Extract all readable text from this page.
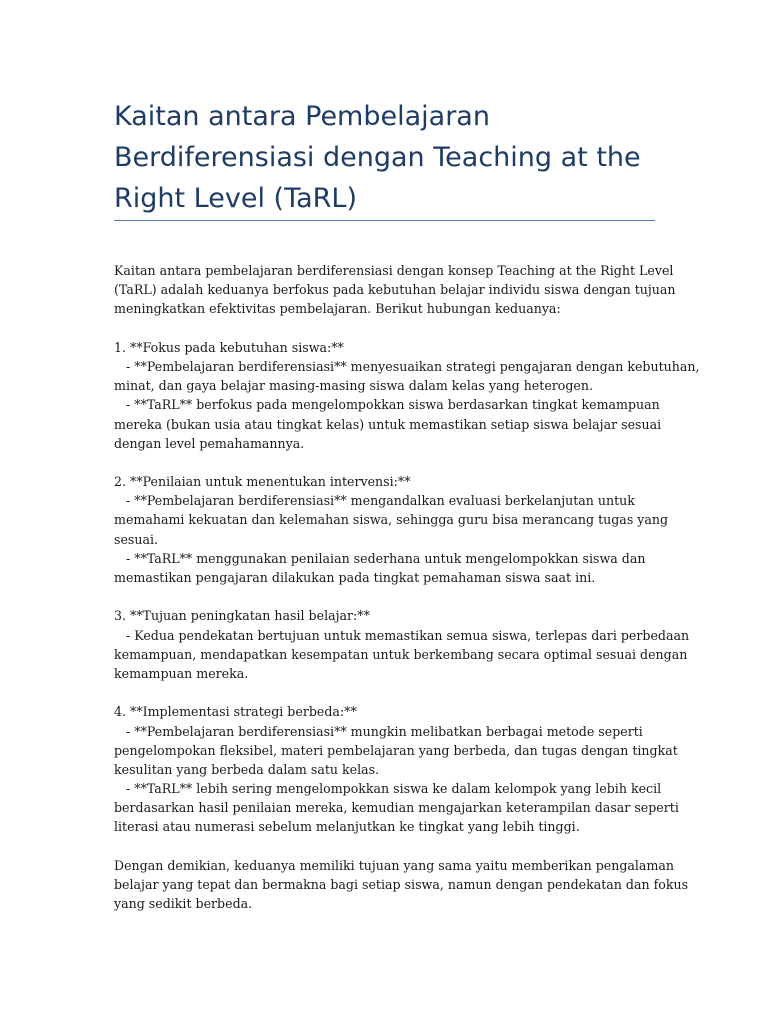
Kaitan antara Pembelajaran Berdiferensiasi dengan Teaching at the Right Level (TaRL)
Kaitan antara pembelajaran berdiferensiasi dengan konsep Teaching at the Right Level
(TaRL) adalah keduanya berfokus pada kebutuhan belajar individu siswa dengan tujuan
meningkatkan efektivitas pembelajaran. Berikut hubungan keduanya:
1. **Fokus pada kebutuhan siswa:**
- **Pembelajaran berdiferensiasi** menyesuaikan strategi pengajaran dengan kebutuhan,
minat, dan gaya belajar masing-masing siswa dalam kelas yang heterogen.
- **TaRL** berfokus pada mengelompokkan siswa berdasarkan tingkat kemampuan
mereka (bukan usia atau tingkat kelas) untuk memastikan setiap siswa belajar sesuai
dengan level pemahamannya.
2. **Penilaian untuk menentukan intervensi:**
- **Pembelajaran berdiferensiasi** mengandalkan evaluasi berkelanjutan untuk
memahami kekuatan dan kelemahan siswa, sehingga guru bisa merancang tugas yang
sesuai.
- **TaRL** menggunakan penilaian sederhana untuk mengelompokkan siswa dan
memastikan pengajaran dilakukan pada tingkat pemahaman siswa saat ini.
3. **Tujuan peningkatan hasil belajar:**
- Kedua pendekatan bertujuan untuk memastikan semua siswa, terlepas dari perbedaan
kemampuan, mendapatkan kesempatan untuk berkembang secara optimal sesuai dengan
kemampuan mereka.
4. **Implementasi strategi berbeda:**
- **Pembelajaran berdiferensiasi** mungkin melibatkan berbagai metode seperti
pengelompokan fleksibel, materi pembelajaran yang berbeda, dan tugas dengan tingkat
kesulitan yang berbeda dalam satu kelas.
- **TaRL** lebih sering mengelompokkan siswa ke dalam kelompok yang lebih kecil
berdasarkan hasil penilaian mereka, kemudian mengajarkan keterampilan dasar seperti
literasi atau numerasi sebelum melanjutkan ke tingkat yang lebih tinggi.
Dengan demikian, keduanya memiliki tujuan yang sama yaitu memberikan pengalaman
belajar yang tepat dan bermakna bagi setiap siswa, namun dengan pendekatan dan fokus
yang sedikit berbeda.
